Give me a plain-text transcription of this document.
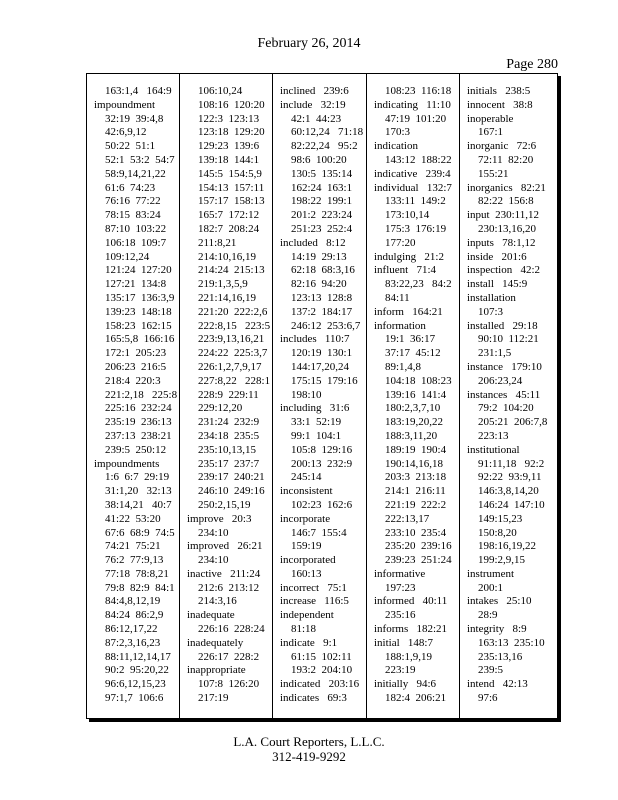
February 26, 2014
Page 280
163:1,4   164:9
impoundment
32:19  39:4,8
42:6,9,12
50:22  51:1
52:1  53:2  54:7
58:9,14,21,22
61:6  74:23
76:16  77:22
78:15  83:24
87:10  103:22
106:18  109:7
109:12,24
121:24  127:20
127:21  134:8
135:17  136:3,9
139:23  148:18
158:23  162:15
165:5,8  166:16
172:1  205:23
206:23  216:5
218:4  220:3
221:2,18   225:8
225:16  232:24
235:19  236:13
237:13  238:21
239:5  250:12
impoundments
1:6  6:7  29:19
31:1,20   32:13
38:14,21   40:7
41:22  53:20
67:6  68:9  74:5
74:21  75:21
76:2  77:9,13
77:18  78:8,21
79:8  82:9  84:1
84:4,8,12,19
84:24  86:2,9
86:12,17,22
87:2,3,16,23
88:11,12,14,17
90:2  95:20,22
96:6,12,15,23
97:1,7  106:6
106:10,24
108:16  120:20
122:3  123:13
123:18  129:20
129:23  139:6
139:18  144:1
145:5  154:5,9
154:13  157:11
157:17  158:13
165:7  172:12
182:7  208:24
211:8,21
214:10,16,19
214:24  215:13
219:1,3,5,9
221:14,16,19
221:20  222:2,6
222:8,15   223:5
223:9,13,16,21
224:22  225:3,7
226:1,2,7,9,17
227:8,22   228:1
228:9  229:11
229:12,20
231:24  232:9
234:18  235:5
235:10,13,15
235:17  237:7
239:17  240:21
246:10  249:16
250:2,15,19
improve   20:3
234:10
improved   26:21
234:10
inactive   211:24
212:6  213:12
214:3,16
inadequate
226:16  228:24
inadequately
226:17  228:2
inappropriate
107:8  126:20
217:19
inclined   239:6
include   32:19
42:1  44:23
60:12,24   71:18
82:22,24   95:2
98:6  100:20
130:5  135:14
162:24  163:1
198:22  199:1
201:2  223:24
251:23  252:4
included   8:12
14:19  29:13
62:18  68:3,16
82:16  94:20
123:13  128:8
137:2  184:17
246:12  253:6,7
includes   110:7
120:19  130:1
144:17,20,24
175:15  179:16
198:10
including   31:6
33:1  52:19
99:1  104:1
105:8  129:16
200:13  232:9
245:14
inconsistent
102:23  162:6
incorporate
146:7  155:4
159:19
incorporated
160:13
incorrect   75:1
increase   116:5
independent
81:18
indicate   9:1
61:15  102:11
193:2  204:10
indicated   203:16
indicates   69:3
108:23  116:18
indicating   11:10
47:19  101:20
170:3
indication
143:12  188:22
indicative   239:4
individual   132:7
133:11  149:2
173:10,14
175:3  176:19
177:20
indulging   21:2
influent   71:4
83:22,23   84:2
84:11
inform   164:21
information
19:1  36:17
37:17  45:12
89:1,4,8
104:18  108:23
139:16  141:4
180:2,3,7,10
183:19,20,22
188:3,11,20
189:19  190:4
190:14,16,18
203:3  213:18
214:1  216:11
221:19  222:2
222:13,17
233:10  235:4
235:20  239:16
239:23  251:24
informative
197:23
informed   40:11
235:16
informs   182:21
initial   148:7
188:1,9,19
223:19
initially   94:6
182:4  206:21
initials   238:5
innocent   38:8
inoperable
167:1
inorganic   72:6
72:11  82:20
155:21
inorganics   82:21
82:22  156:8
input  230:11,12
230:13,16,20
inputs   78:1,12
inside   201:6
inspection   42:2
install   145:9
installation
107:3
installed   29:18
90:10  112:21
231:1,5
instance   179:10
206:23,24
instances   45:11
79:2  104:20
205:21  206:7,8
223:13
institutional
91:11,18   92:2
92:22  93:9,11
146:3,8,14,20
146:24  147:10
149:15,23
150:8,20
198:16,19,22
199:2,9,15
instrument
200:1
intakes   25:10
28:9
integrity   8:9
163:13  235:10
235:13,16
239:5
intend   42:13
97:6
L.A. Court Reporters, L.L.C.
312-419-9292
